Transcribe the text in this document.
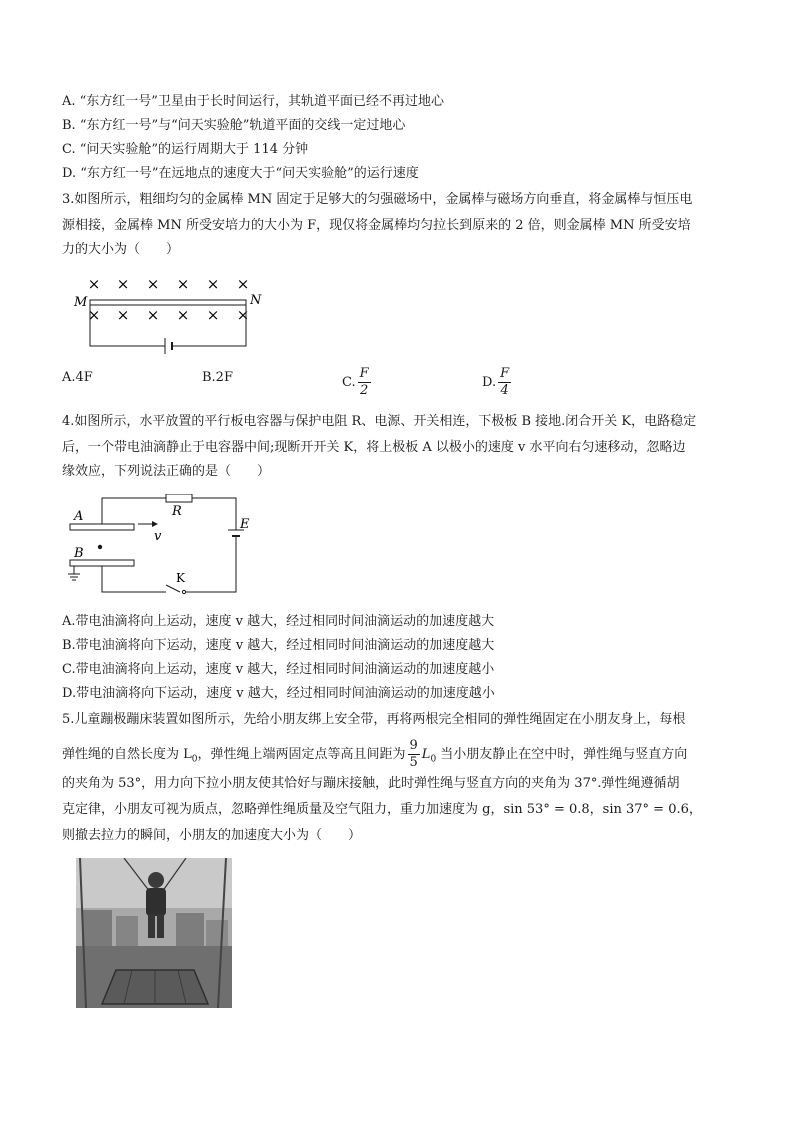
A. “东方红一号”卫星由于长时间运行，其轨道平面已经不再过地心
B. “东方红一号”与“问天实验舱”轨道平面的交线一定过地心
C. “问天实验舱”的运行周期大于 114 分钟
D. “东方红一号”在远地点的速度大于“问天实验舱”的运行速度
3.如图所示，粗细均匀的金属棒 MN 固定于足够大的匀强磁场中，金属棒与磁场方向垂直，将金属棒与恒压电
源相接，金属棒 MN 所受安培力的大小为 F，现仅将金属棒均匀拉长到原来的 2 倍，则金属棒 MN 所受安培
力的大小为（　　）
× × × × × ×
M	N
× × × × × ×
A.4F	B.2F	C. $\frac{F}{2}$	D. $\frac{F}{4}$
4.如图所示，水平放置的平行板电容器与保护电阻 R、电源、开关相连，下极板 B 接地.闭合开关 K，电路稳定
后，一个带电油滴静止于电容器中间;现断开开关 K，将上极板 A 以极小的速度 v 水平向右匀速移动，忽略边
缘效应，下列说法正确的是（　　）
A
v
B
R
E
K
A.带电油滴将向上运动，速度 v 越大，经过相同时间油滴运动的加速度越大
B.带电油滴将向下运动，速度 v 越大，经过相同时间油滴运动的加速度越大
C.带电油滴将向上运动，速度 v 越大，经过相同时间油滴运动的加速度越小
D.带电油滴将向下运动，速度 v 越大，经过相同时间油滴运动的加速度越小
5.儿童蹦极蹦床装置如图所示，先给小朋友绑上安全带，再将两根完全相同的弹性绳固定在小朋友身上，每根
弹性绳的自然长度为 $L_0$，弹性绳上端两固定点等高且间距为 $\frac{9}{5} L_0$ 当小朋友静止在空中时，弹性绳与竖直方向
的夹角为 53°，用力向下拉小朋友使其恰好与蹦床接触，此时弹性绳与竖直方向的夹角为 37°.弹性绳遵循胡
克定律，小朋友可视为质点，忽略弹性绳质量及空气阻力，重力加速度为 g，sin 53° = 0.8，sin 37° = 0.6，
则撤去拉力的瞬间，小朋友的加速度大小为（　　）
